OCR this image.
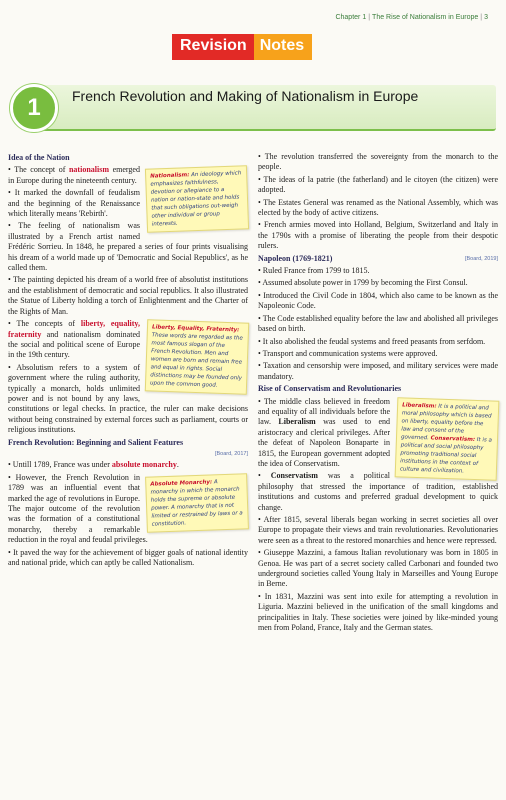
Chapter 1 | The Rise of Nationalism in Europe | 3
Revision Notes
1	French Revolution and Making of Nationalism in Europe
Idea of the Nation
Nationalism: An ideology which emphasizes faithfulness, devotion or allegiance to a nation or nation-state and holds that such obligations out-weigh other individual or group interests.

• The concept of nationalism emerged in Europe during the nineteenth century.

• It marked the downfall of feudalism and the beginning of the Renaissance which literally means 'Rebirth'.

• The feeling of nationalism was illustrated by a French artist named Frédéric Sorrieu. In 1848, he prepared a series of four prints visualising his dream of a world made up of 'Democratic and Social Republics', as he called them.

• The painting depicted his dream of a world free of absolutist institutions and the establishment of democratic and social republics. It also illustrated the Statue of Liberty holding a torch of Enlightenment and the Charter of the Rights of Man.

Liberty, Equality, Fraternity: These words are regarded as the most famous slogan of the French Revolution. Men and women are born and remain free and equal in rights. Social distinctions may be founded only upon the common good.

• The concepts of liberty, equality, fraternity and nationalism dominated the social and political scene of Europe in the 19th century.

• Absolutism refers to a system of government where the ruling authority, typically a monarch, holds unlimited power and is not bound by any laws, constitutions or legal checks. In practice, the ruler can make decisions without being constrained by external forces such as parliament, courts or religious institutions.

French Revolution: Beginning and Salient Features
[Board, 2017]

• Untill 1789, France was under absolute monarchy.

Absolute Monarchy: A monarchy in which the monarch holds the supreme or absolute power. A monarchy that is not limited or restrained by laws or a constitution.

• However, the French Revolution in 1789 was an influential event that marked the age of revolutions in Europe. The major outcome of the revolution was the formation of a constitutional monarchy, thereby a remarkable reduction in the royal and feudal privileges.

• It paved the way for the achievement of bigger goals of national identity and national pride, which can aptly be called Nationalism.

• The revolution transferred the sovereignty from the monarch to the people.

• The ideas of la patrie (the fatherland) and le citoyen (the citizen) were adopted.

• The Estates General was renamed as the National Assembly, which was elected by the body of active citizens.

• French armies moved into Holland, Belgium, Switzerland and Italy in the 1790s with a promise of liberating the people from their despotic rulers.

Napoleon (1769-1821)	[Board, 2019]

• Ruled France from 1799 to 1815.

• Assumed absolute power in 1799 by becoming the First Consul.

• Introduced the Civil Code in 1804, which also came to be known as the Napoleonic Code.

• The Code established equality before the law and abolished all privileges based on birth.

• It also abolished the feudal systems and freed peasants from serfdom.

• Transport and communication systems were approved.

• Taxation and censorship were imposed, and military services were made mandatory.

Rise of Conservatism and Revolutionaries
Liberalism: It is a political and moral philosophy which is based on liberty, equality before the law and consent of the governed. Conservatism: It is a political and social philosophy promoting traditional social institutions in the context of culture and civilization.

• The middle class believed in freedom and equality of all individuals before the law. Liberalism was used to end aristocracy and clerical privileges. After the defeat of Napoleon Bonaparte in 1815, the European government adopted the idea of Conservatism.

• Conservatism was a political philosophy that stressed the importance of tradition, established institutions and customs and preferred gradual development to quick change.

• After 1815, several liberals began working in secret societies all over Europe to propagate their views and train revolutionaries. Revolutionaries were seen as a threat to the restored monarchies and hence were repressed.

• Giuseppe Mazzini, a famous Italian revolutionary was born in 1805 in Genoa. He was part of a secret society called Carbonari and founded two underground societies called Young Italy in Marseilles and Young Europe in Berne.

• In 1831, Mazzini was sent into exile for attempting a revolution in Liguria. Mazzini believed in the unification of the small kingdoms and principalities in Italy. These societies were joined by like-minded young men from Poland, France, Italy and the German states.
